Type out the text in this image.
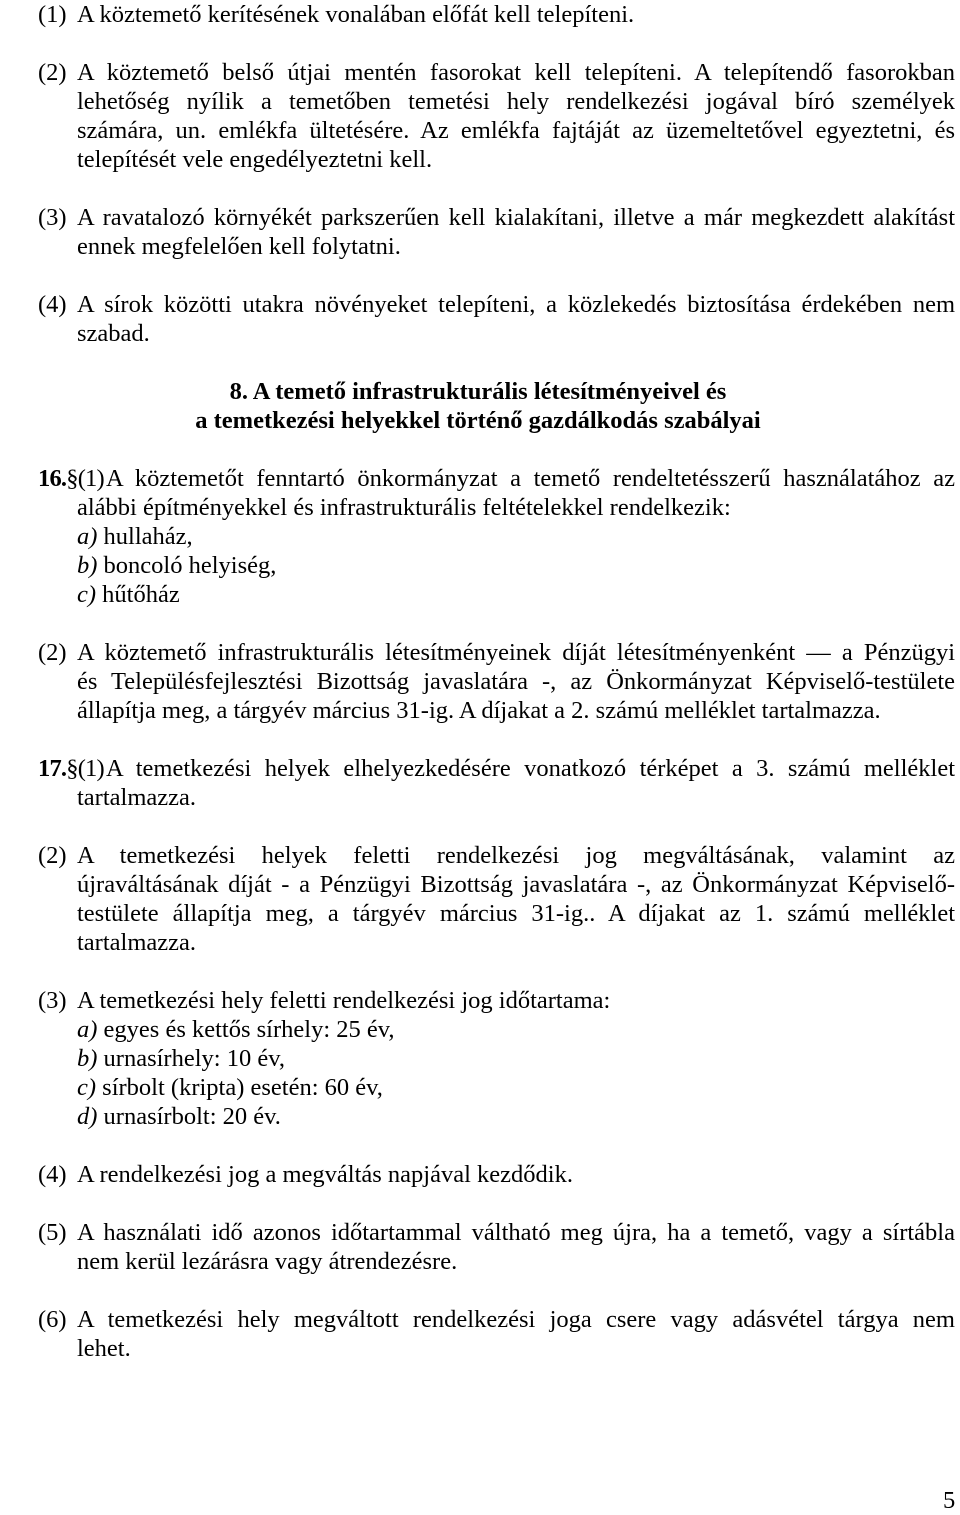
(1) A köztemető kerítésének vonalában előfát kell telepíteni.
(2) A köztemető belső útjai mentén fasorokat kell telepíteni. A telepítendő fasorokban
lehetőség nyílik a temetőben temetési hely rendelkezési jogával bíró személyek
számára, un. emlékfa ültetésére. Az emlékfa fajtáját az üzemeltetővel egyeztetni, és
telepítését vele engedélyeztetni kell.
(3) A ravatalozó környékét parkszerűen kell kialakítani, illetve a már megkezdett alakítást
ennek megfelelően kell folytatni.
(4) A sírok közötti utakra növényeket telepíteni, a közlekedés biztosítása érdekében nem
szabad.
8. A temető infrastrukturális létesítményeivel és
a temetkezési helyekkel történő gazdálkodás szabályai
16.§(1) A köztemetőt fenntartó önkormányzat a temető rendeltetésszerű használatához az
alábbi építményekkel és infrastrukturális feltételekkel rendelkezik:
a) hullaház,
b) boncoló helyiség,
c) hűtőház
(2) A köztemető infrastrukturális létesítményeinek díját létesítményenként — a Pénzügyi
és Településfejlesztési Bizottság javaslatára -, az Önkormányzat Képviselő-testülete
állapítja meg, a tárgyév március 31-ig. A díjakat a 2. számú melléklet tartalmazza.
17.§(1) A temetkezési helyek elhelyezkedésére vonatkozó térképet a 3. számú melléklet
tartalmazza.
(2) A temetkezési helyek feletti rendelkezési jog megváltásának, valamint az
újraváltásának díját - a Pénzügyi Bizottság javaslatára -, az Önkormányzat Képviselő-
testülete állapítja meg, a tárgyév március 31-ig.. A díjakat az 1. számú melléklet
tartalmazza.
(3) A temetkezési hely feletti rendelkezési jog időtartama:
a) egyes és kettős sírhely: 25 év,
b) urnasírhely: 10 év,
c) sírbolt (kripta) esetén: 60 év,
d) urnasírbolt: 20 év.
(4) A rendelkezési jog a megváltás napjával kezdődik.
(5) A használati idő azonos időtartammal váltható meg újra, ha a temető, vagy a sírtábla
nem kerül lezárásra vagy átrendezésre.
(6) A temetkezési hely megváltott rendelkezési joga csere vagy adásvétel tárgya nem
lehet.
5
